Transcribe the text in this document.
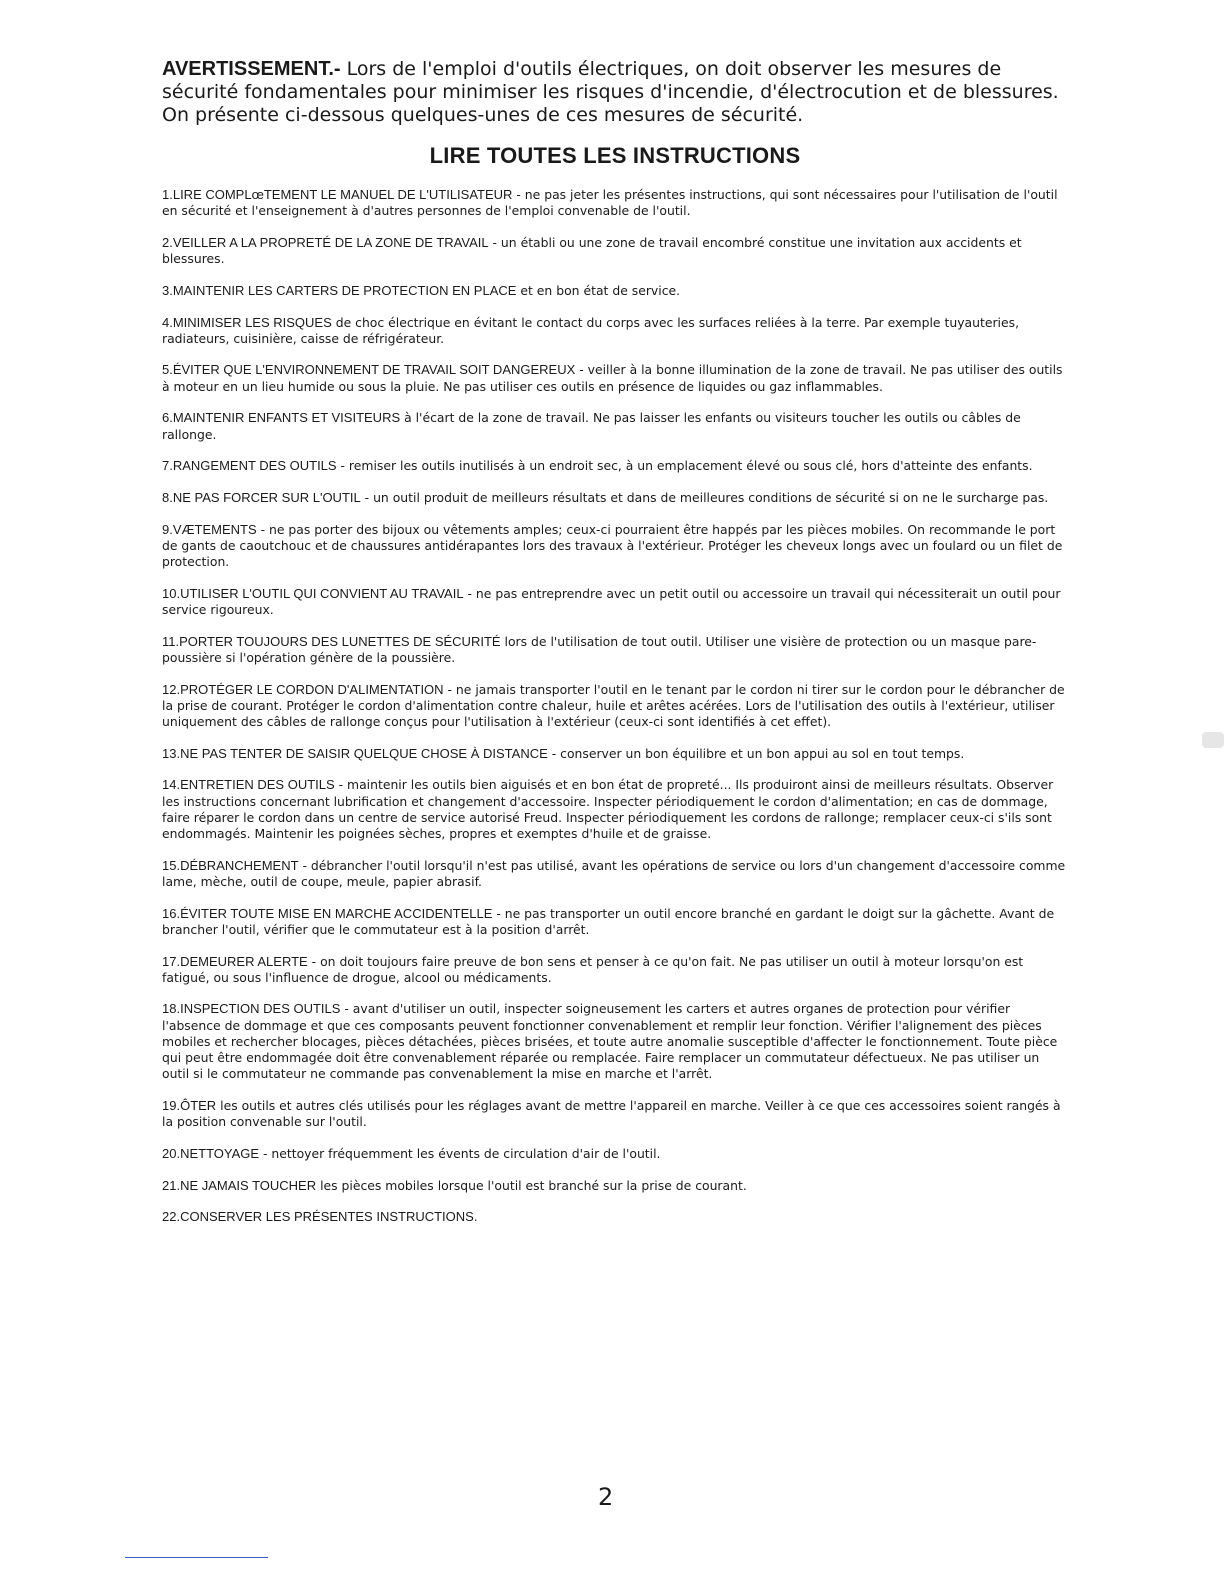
AVERTISSEMENT.- Lors de l'emploi d'outils électriques, on doit observer les mesures de sécurité fondamentales pour minimiser les risques d'incendie, d'électrocution et de blessures. On présente ci-dessous quelques-unes de ces mesures de sécurité.

LIRE TOUTES LES INSTRUCTIONS
1.LIRE COMPLœTEMENT LE MANUEL DE L'UTILISATEUR - ne pas jeter les présentes instructions, qui sont nécessaires pour l'utilisation de l'outil en sécurité et l'enseignement à d'autres personnes de l'emploi convenable de l'outil.
2.VEILLER A LA PROPRETÉ DE LA ZONE DE TRAVAIL - un établi ou une zone de travail encombré constitue une invitation aux accidents et blessures.
3.MAINTENIR LES CARTERS DE PROTECTION EN PLACE et en bon état de service.
4.MINIMISER LES RISQUES de choc électrique en évitant le contact du corps avec les surfaces reliées à la terre. Par exemple tuyauteries, radiateurs, cuisinière, caisse de réfrigérateur.
5.ÉVITER QUE L'ENVIRONNEMENT DE TRAVAIL SOIT DANGEREUX - veiller à la bonne illumination de la zone de travail. Ne pas utiliser des outils à moteur en un lieu humide ou sous la pluie. Ne pas utiliser ces outils en présence de liquides ou gaz inflammables.
6.MAINTENIR ENFANTS ET VISITEURS à l'écart de la zone de travail. Ne pas laisser les enfants ou visiteurs toucher les outils ou câbles de rallonge.
7.RANGEMENT DES OUTILS - remiser les outils inutilisés à un endroit sec, à un emplacement élevé ou sous clé, hors d'atteinte des enfants.
8.NE PAS FORCER SUR L'OUTIL - un outil produit de meilleurs résultats et dans de meilleures conditions de sécurité si on ne le surcharge pas.
9.VÆTEMENTS - ne pas porter des bijoux ou vêtements amples; ceux-ci pourraient être happés par les pièces mobiles. On recommande le port de gants de caoutchouc et de chaussures antidérapantes lors des travaux à l'extérieur. Protéger les cheveux longs avec un foulard ou un filet de protection.
10.UTILISER L'OUTIL QUI CONVIENT AU TRAVAIL - ne pas entreprendre avec un petit outil ou accessoire un travail qui nécessiterait un outil pour service rigoureux.
11.PORTER TOUJOURS DES LUNETTES DE SÉCURITÉ lors de l'utilisation de tout outil. Utiliser une visière de protection ou un masque pare-poussière si l'opération génère de la poussière.
12.PROTÉGER LE CORDON D'ALIMENTATION - ne jamais transporter l'outil en le tenant par le cordon ni tirer sur le cordon pour le débrancher de la prise de courant. Protéger le cordon d'alimentation contre chaleur, huile et arêtes acérées. Lors de l'utilisation des outils à l'extérieur, utiliser uniquement des câbles de rallonge conçus pour l'utilisation à l'extérieur (ceux-ci sont identifiés à cet effet).
13.NE PAS TENTER DE SAISIR QUELQUE CHOSE À DISTANCE - conserver un bon équilibre et un bon appui au sol en tout temps.
14.ENTRETIEN DES OUTILS - maintenir les outils bien aiguisés et en bon état de propreté... Ils produiront ainsi de meilleurs résultats. Observer les instructions concernant lubrification et changement d'accessoire. Inspecter périodiquement le cordon d'alimentation; en cas de dommage, faire réparer le cordon dans un centre de service autorisé Freud. Inspecter périodiquement les cordons de rallonge; remplacer ceux-ci s'ils sont endommagés. Maintenir les poignées sèches, propres et exemptes d'huile et de graisse.
15.DÉBRANCHEMENT - débrancher l'outil lorsqu'il n'est pas utilisé, avant les opérations de service ou lors d'un changement d'accessoire comme lame, mèche, outil de coupe, meule, papier abrasif.
16.ÉVITER TOUTE MISE EN MARCHE ACCIDENTELLE - ne pas transporter un outil encore branché en gardant le doigt sur la gâchette. Avant de brancher l'outil, vérifier que le commutateur est à la position d'arrêt.
17.DEMEURER ALERTE - on doit toujours faire preuve de bon sens et penser à ce qu'on fait. Ne pas utiliser un outil à moteur lorsqu'on est fatigué, ou sous l'influence de drogue, alcool ou médicaments.
18.INSPECTION DES OUTILS - avant d'utiliser un outil, inspecter soigneusement les carters et autres organes de protection pour vérifier l'absence de dommage et que ces composants peuvent fonctionner convenablement et remplir leur fonction. Vérifier l'alignement des pièces mobiles et rechercher blocages, pièces détachées, pièces brisées, et toute autre anomalie susceptible d'affecter le fonctionnement. Toute pièce qui peut être endommagée doit être convenablement réparée ou remplacée. Faire remplacer un commutateur défectueux. Ne pas utiliser un outil si le commutateur ne commande pas convenablement la mise en marche et l'arrêt.
19.ÔTER les outils et autres clés utilisés pour les réglages avant de mettre l'appareil en marche. Veiller à ce que ces accessoires soient rangés à la position convenable sur l'outil.
20.NETTOYAGE - nettoyer fréquemment les évents de circulation d'air de l'outil.
21.NE JAMAIS TOUCHER les pièces mobiles lorsque l'outil est branché sur la prise de courant.
22.CONSERVER LES PRÉSENTES INSTRUCTIONS.
2
